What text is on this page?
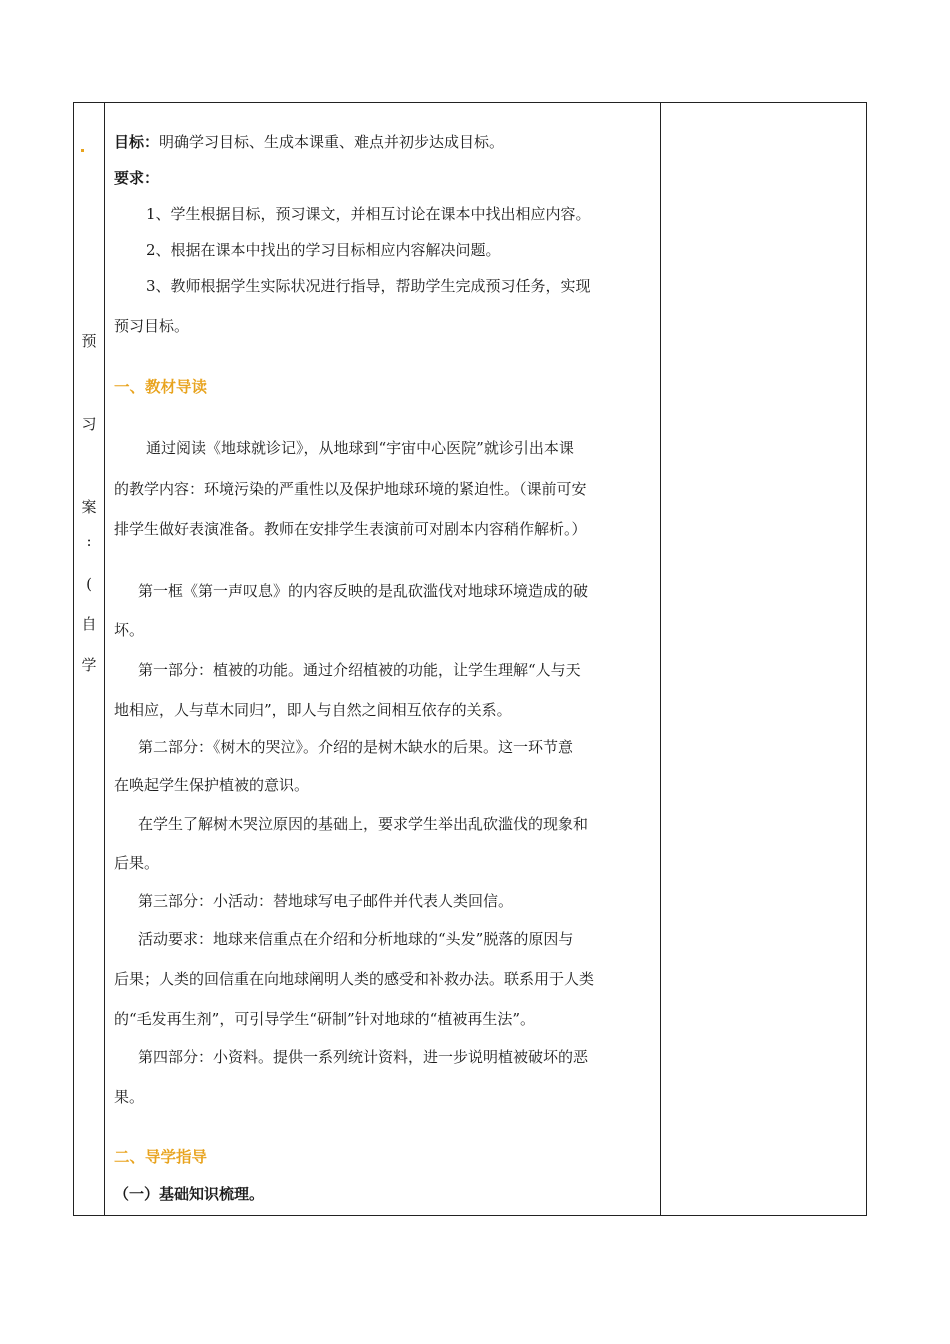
预
习
案
:
(
自
学
目标：明确学习目标、生成本课重、难点并初步达成目标。
要求：
1、学生根据目标，预习课文，并相互讨论在课本中找出相应内容。
2、根据在课本中找出的学习目标相应内容解决问题。
3、教师根据学生实际状况进行指导，帮助学生完成预习任务，实现
预习目标。
一、教材导读
通过阅读《地球就诊记》，从地球到“宇宙中心医院”就诊引出本课
的教学内容：环境污染的严重性以及保护地球环境的紧迫性。（课前可安
排学生做好表演准备。教师在安排学生表演前可对剧本内容稍作解析。）
第一框《第一声叹息》的内容反映的是乱砍滥伐对地球环境造成的破
坏。
第一部分：植被的功能。通过介绍植被的功能，让学生理解“人与天
地相应，人与草木同归”，即人与自然之间相互依存的关系。
第二部分：《树木的哭泣》。介绍的是树木缺水的后果。这一环节意
在唤起学生保护植被的意识。
在学生了解树木哭泣原因的基础上，要求学生举出乱砍滥伐的现象和
后果。
第三部分：小活动：替地球写电子邮件并代表人类回信。
活动要求：地球来信重点在介绍和分析地球的“头发”脱落的原因与
后果；人类的回信重在向地球阐明人类的感受和补救办法。联系用于人类
的“毛发再生剂”，可引导学生“研制”针对地球的“植被再生法”。
第四部分：小资料。提供一系列统计资料，进一步说明植被破坏的恶
果。
二、导学指导
（一）基础知识梳理。
